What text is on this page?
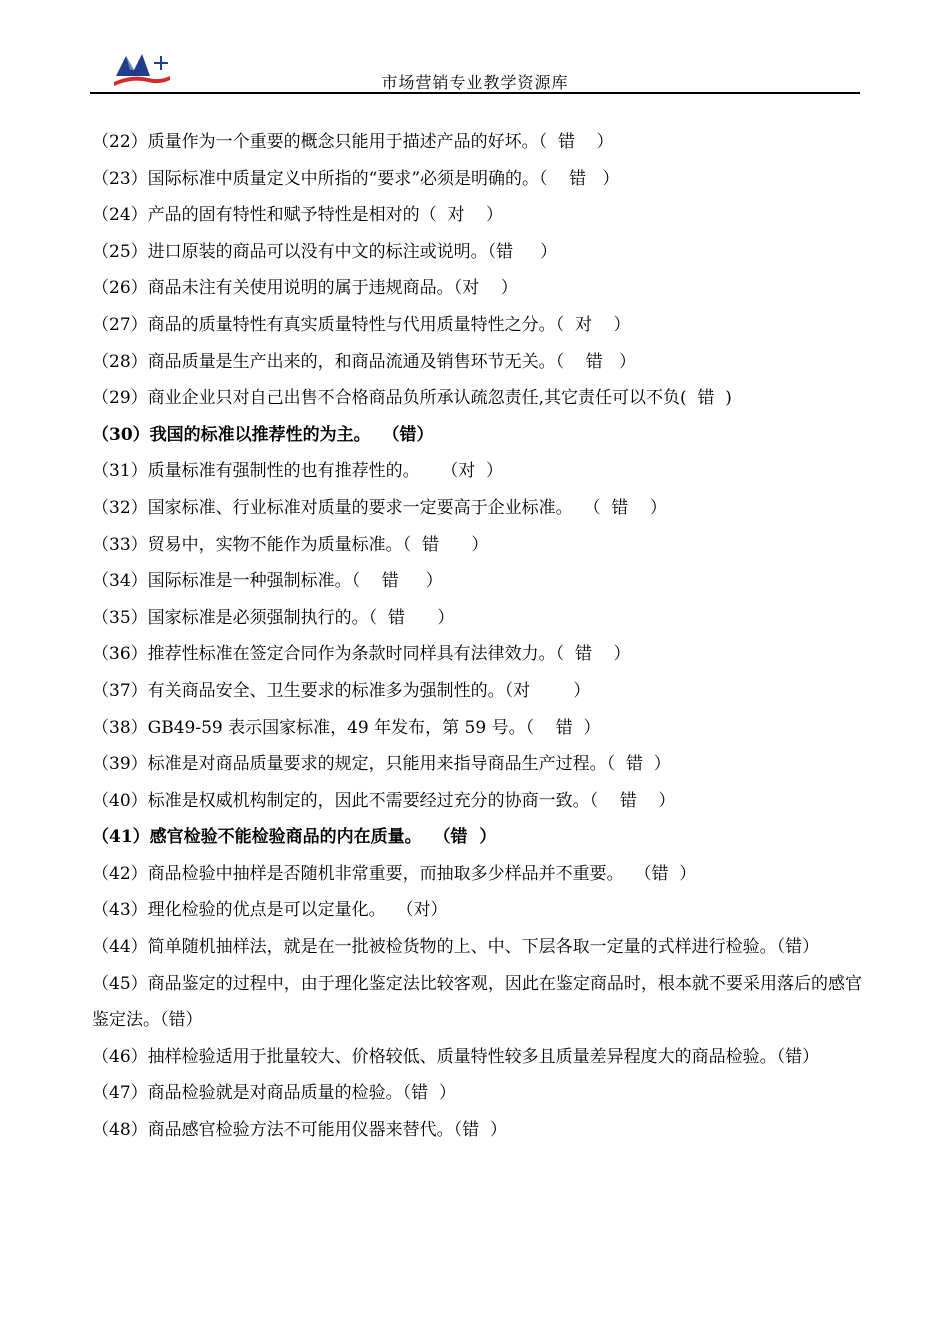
市场营销专业教学资源库
（22）质量作为一个重要的概念只能用于描述产品的好坏。（  错    ）
（23）国际标准中质量定义中所指的“要求”必须是明确的。（    错   ）
（24）产品的固有特性和赋予特性是相对的（  对    ）
（25）进口原装的商品可以没有中文的标注或说明。（错     ）
（26）商品未注有关使用说明的属于违规商品。（对    ）
（27）商品的质量特性有真实质量特性与代用质量特性之分。（  对    ）
（28）商品质量是生产出来的，和商品流通及销售环节无关。（    错   ）
（29）商业企业只对自己出售不合格商品负所承认疏忽责任,其它责任可以不负(  错  )
（30）我国的标准以推荐性的为主。  （错）
（31）质量标准有强制性的也有推荐性的。    （对  ）
（32）国家标准、行业标准对质量的要求一定要高于企业标准。  （  错    ）
（33）贸易中，实物不能作为质量标准。（  错      ）
（34）国际标准是一种强制标准。（    错     ）
（35）国家标准是必须强制执行的。（  错      ）
（36）推荐性标准在签定合同作为条款时同样具有法律效力。（  错    ）
（37）有关商品安全、卫生要求的标准多为强制性的。（对        ）
（38）GB49-59 表示国家标准，49 年发布，第 59 号。（    错  ）
（39）标准是对商品质量要求的规定，只能用来指导商品生产过程。（  错  ）
（40）标准是权威机构制定的，因此不需要经过充分的协商一致。（    错    ）
（41）感官检验不能检验商品的内在质量。  （错  ）
（42）商品检验中抽样是否随机非常重要，而抽取多少样品并不重要。  （错  ）
（43）理化检验的优点是可以定量化。  （对）
（44）简单随机抽样法，就是在一批被检货物的上、中、下层各取一定量的式样进行检验。（错）
（45）商品鉴定的过程中，由于理化鉴定法比较客观，因此在鉴定商品时，根本就不要采用落后的感官鉴定法。（错）
（46）抽样检验适用于批量较大、价格较低、质量特性较多且质量差异程度大的商品检验。（错）
（47）商品检验就是对商品质量的检验。（错  ）
（48）商品感官检验方法不可能用仪器来替代。（错  ）
